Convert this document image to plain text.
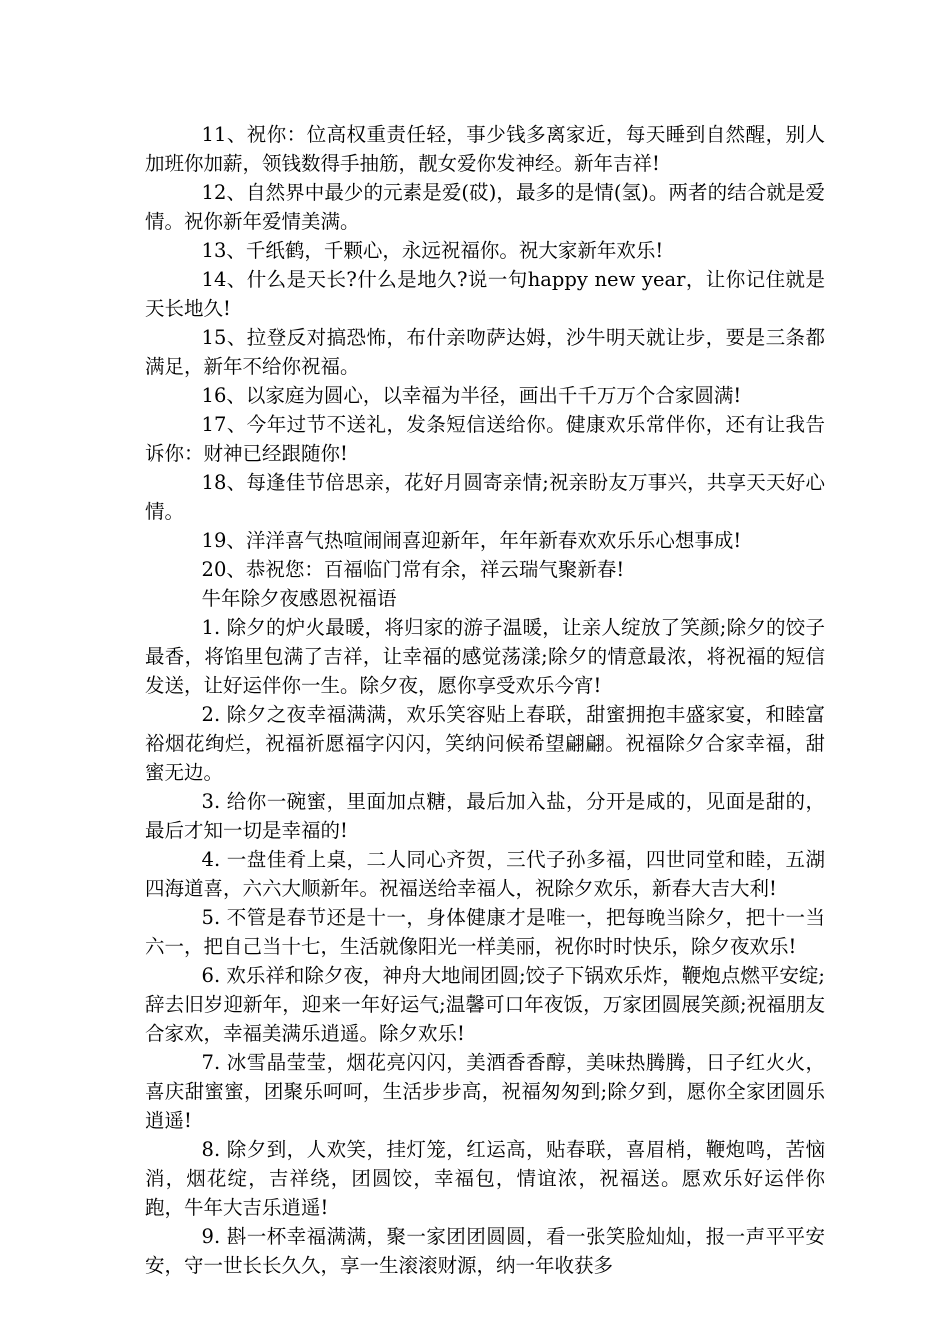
11、祝你：位高权重责任轻，事少钱多离家近，每天睡到自然醒，别人加班你加薪，领钱数得手抽筋，靓女爱你发神经。新年吉祥!

12、自然界中最少的元素是爱(砹)，最多的是情(氢)。两者的结合就是爱情。祝你新年爱情美满。

13、千纸鹤，千颗心，永远祝福你。祝大家新年欢乐!

14、什么是天长?什么是地久?说一句happy new year，让你记住就是天长地久!

15、拉登反对搞恐怖，布什亲吻萨达姆，沙牛明天就让步，要是三条都满足，新年不给你祝福。

16、以家庭为圆心，以幸福为半径，画出千千万万个合家圆满!

17、今年过节不送礼，发条短信送给你。健康欢乐常伴你，还有让我告诉你：财神已经跟随你!

18、每逢佳节倍思亲，花好月圆寄亲情;祝亲盼友万事兴，共享天天好心情。

19、洋洋喜气热喧闹闹喜迎新年，年年新春欢欢乐乐心想事成!

20、恭祝您：百福临门常有余，祥云瑞气聚新春!

牛年除夕夜感恩祝福语

1. 除夕的炉火最暖，将归家的游子温暖，让亲人绽放了笑颜;除夕的饺子最香，将馅里包满了吉祥，让幸福的感觉荡漾;除夕的情意最浓，将祝福的短信发送，让好运伴你一生。除夕夜，愿你享受欢乐今宵!

2. 除夕之夜幸福满满，欢乐笑容贴上春联，甜蜜拥抱丰盛家宴，和睦富裕烟花绚烂，祝福祈愿福字闪闪，笑纳问候希望翩翩。祝福除夕合家幸福，甜蜜无边。

3. 给你一碗蜜，里面加点糖，最后加入盐，分开是咸的，见面是甜的，最后才知一切是幸福的!

4. 一盘佳肴上桌，二人同心齐贺，三代子孙多福，四世同堂和睦，五湖四海道喜，六六大顺新年。祝福送给幸福人，祝除夕欢乐，新春大吉大利!

5. 不管是春节还是十一，身体健康才是唯一，把每晚当除夕，把十一当六一，把自己当十七，生活就像阳光一样美丽，祝你时时快乐，除夕夜欢乐!

6. 欢乐祥和除夕夜，神舟大地闹团圆;饺子下锅欢乐炸，鞭炮点燃平安绽;辞去旧岁迎新年，迎来一年好运气;温馨可口年夜饭，万家团圆展笑颜;祝福朋友合家欢，幸福美满乐逍遥。除夕欢乐!

7. 冰雪晶莹莹，烟花亮闪闪，美酒香香醇，美味热腾腾，日子红火火，喜庆甜蜜蜜，团聚乐呵呵，生活步步高，祝福匆匆到;除夕到，愿你全家团圆乐逍遥!

8. 除夕到，人欢笑，挂灯笼，红运高，贴春联，喜眉梢，鞭炮鸣，苦恼消，烟花绽，吉祥绕，团圆饺，幸福包，情谊浓，祝福送。愿欢乐好运伴你跑，牛年大吉乐逍遥!

9. 斟一杯幸福满满，聚一家团团圆圆，看一张笑脸灿灿，报一声平平安安，守一世长长久久，享一生滚滚财源，纳一年收获多
